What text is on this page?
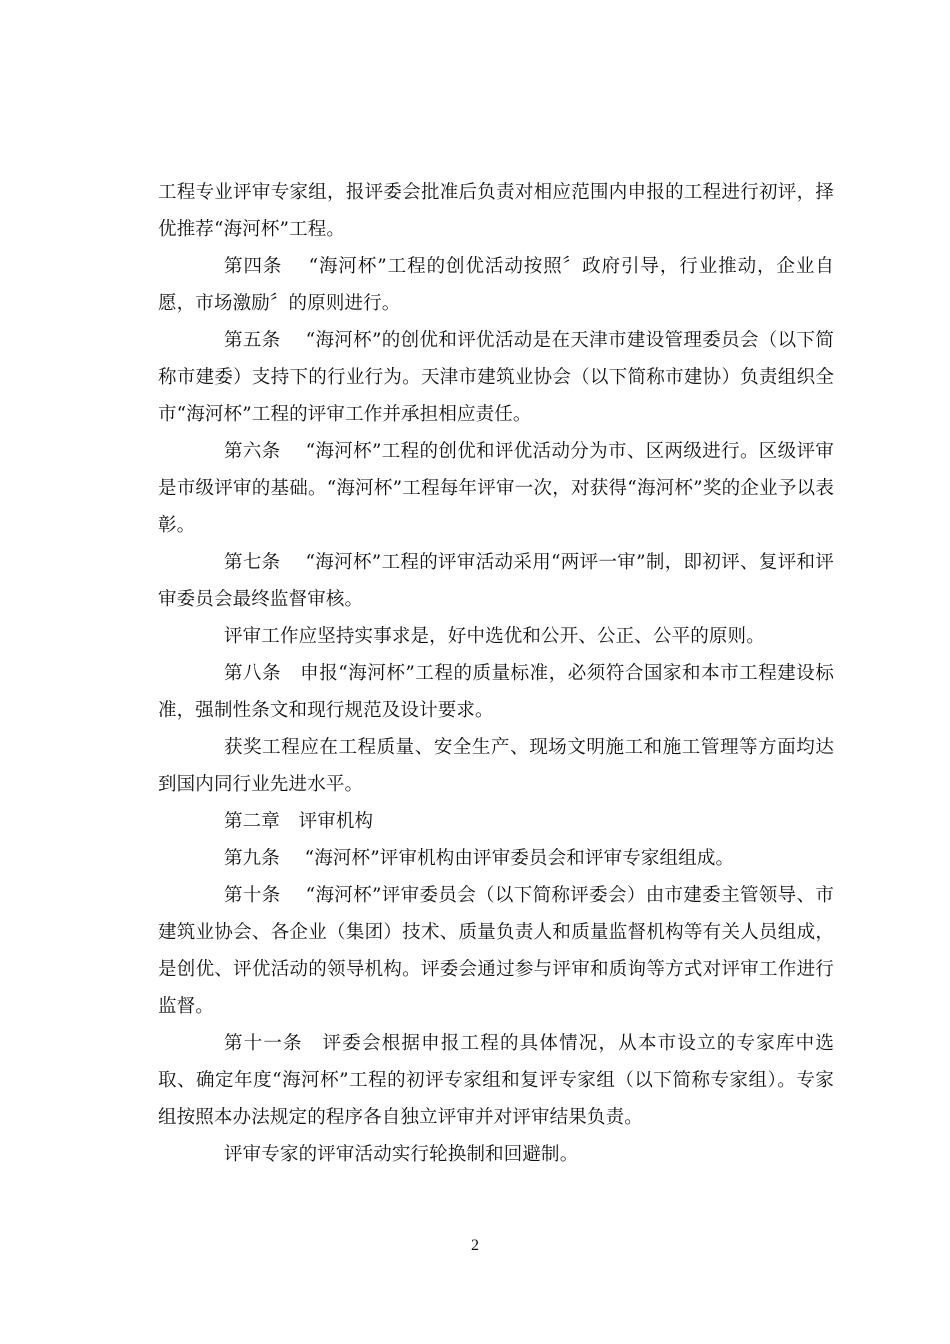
工程专业评审专家组，报评委会批准后负责对相应范围内申报的工程进行初评，择优推荐“海河杯”工程。

第四条　 “海河杯”工程的创优活动按照〞政府引导，行业推动，企业自愿，市场激励〞的原则进行。

第五条　 “海河杯”的创优和评优活动是在天津市建设管理委员会（以下简称市建委）支持下的行业行为。天津市建筑业协会（以下简称市建协）负责组织全市“海河杯”工程的评审工作并承担相应责任。

第六条　 “海河杯”工程的创优和评优活动分为市、区两级进行。区级评审是市级评审的基础。“海河杯”工程每年评审一次，对获得“海河杯”奖的企业予以表彰。

第七条　 “海河杯”工程的评审活动采用“两评一审”制，即初评、复评和评审委员会最终监督审核。

评审工作应坚持实事求是，好中选优和公开、公正、公平的原则。

第八条　申报“海河杯”工程的质量标准，必须符合国家和本市工程建设标准，强制性条文和现行规范及设计要求。

获奖工程应在工程质量、安全生产、现场文明施工和施工管理等方面均达到国内同行业先进水平。

第二章　评审机构

第九条　 “海河杯”评审机构由评审委员会和评审专家组组成。

第十条　 “海河杯”评审委员会（以下简称评委会）由市建委主管领导、市建筑业协会、各企业（集团）技术、质量负责人和质量监督机构等有关人员组成，是创优、评优活动的领导机构。评委会通过参与评审和质询等方式对评审工作进行监督。

第十一条　评委会根据申报工程的具体情况，从本市设立的专家库中选取、确定年度“海河杯”工程的初评专家组和复评专家组（以下简称专家组）。专家组按照本办法规定的程序各自独立评审并对评审结果负责。

评审专家的评审活动实行轮换制和回避制。

2
